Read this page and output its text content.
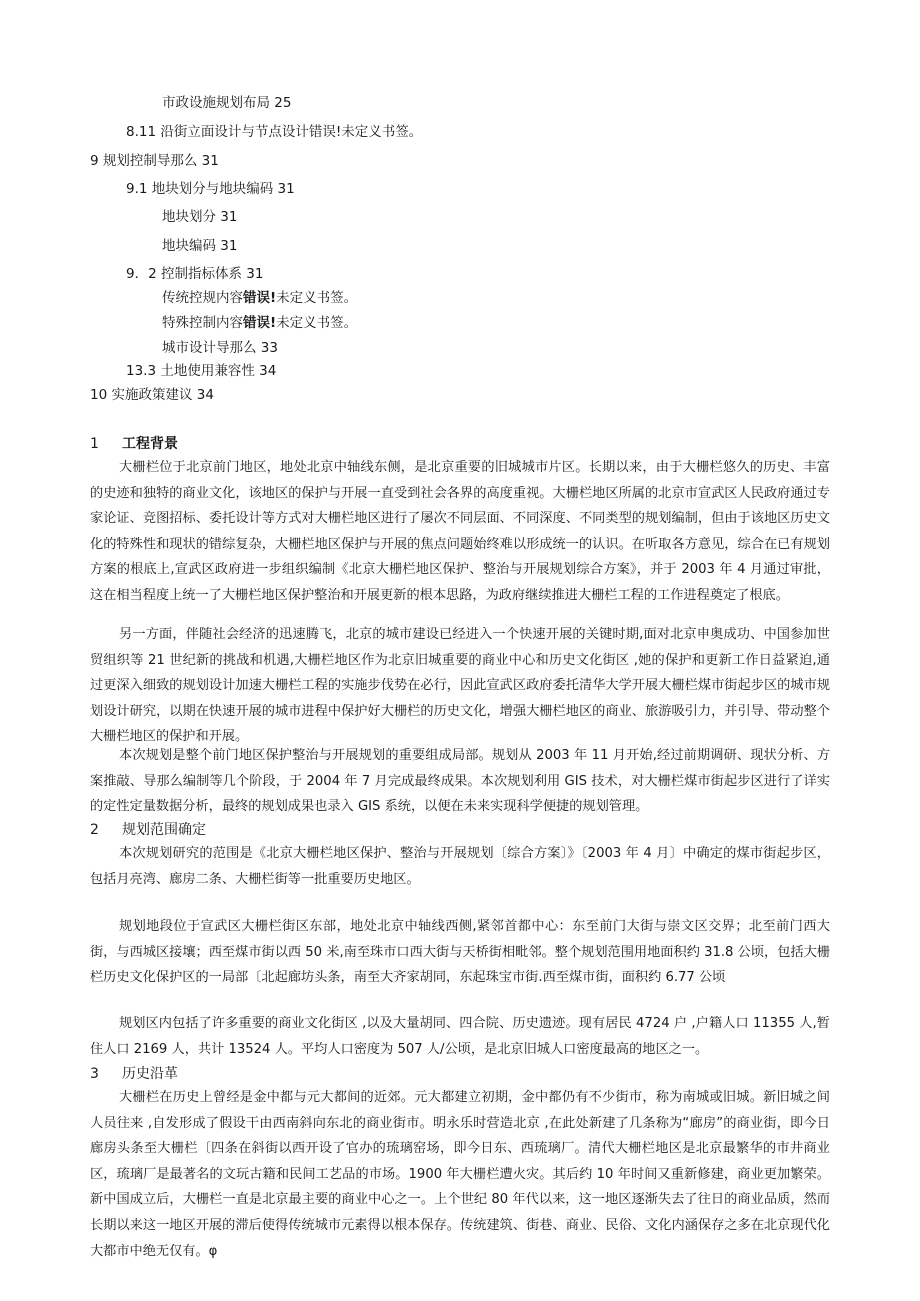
市政设施规划布局 25
8.11 沿街立面设计与节点设计错误!未定义书签。
9 规划控制导那么 31
9.1 地块划分与地块编码 31
地块划分 31
地块编码 31
9．2 控制指标体系 31
传统控规内容错误!未定义书签。
特殊控制内容错误!未定义书签。
城市设计导那么 33
13.3 土地使用兼容性 34
10 实施政策建议 34
1 工程背景
大栅栏位于北京前门地区，地处北京中轴线东侧，是北京重要的旧城城市片区。长期以来，由于大栅栏悠久的历史、丰富的史迹和独特的商业文化，该地区的保护与开展一直受到社会各界的高度重视。大栅栏地区所属的北京市宣武区人民政府通过专家论证、竞图招标、委托设计等方式对大栅栏地区进行了屡次不同层面、不同深度、不同类型的规划编制，但由于该地区历史文化的特殊性和现状的错综复杂，大栅栏地区保护与开展的焦点问题始终难以形成统一的认识。在听取各方意见，综合在已有规划方案的根底上,宣武区政府进一步组织编制《北京大栅栏地区保护、整治与开展规划综合方案》，并于 2003 年 4 月通过审批，这在相当程度上统一了大栅栏地区保护整治和开展更新的根本思路，为政府继续推进大栅栏工程的工作进程奠定了根底。
另一方面，伴随社会经济的迅速腾飞，北京的城市建设已经进入一个快速开展的关键时期,面对北京申奥成功、中国参加世贸组织等 21 世纪新的挑战和机遇,大栅栏地区作为北京旧城重要的商业中心和历史文化街区 ,她的保护和更新工作日益紧迫,通过更深入细致的规划设计加速大栅栏工程的实施步伐势在必行，因此宣武区政府委托清华大学开展大栅栏煤市街起步区的城市规划设计研究，以期在快速开展的城市进程中保护好大栅栏的历史文化，增强大栅栏地区的商业、旅游吸引力，并引导、带动整个大栅栏地区的保护和开展。
本次规划是整个前门地区保护整治与开展规划的重要组成局部。规划从 2003 年 11 月开始,经过前期调研、现状分析、方案推敲、导那么编制等几个阶段，于 2004 年 7 月完成最终成果。本次规划利用 GIS 技术，对大栅栏煤市街起步区进行了详实的定性定量数据分析，最终的规划成果也录入 GIS 系统，以便在未来实现科学便捷的规划管理。
2 规划范围确定
本次规划研究的范围是《北京大栅栏地区保护、整治与开展规划〔综合方案〕》〔2003 年 4 月〕中确定的煤市街起步区，包括月亮湾、廊房二条、大栅栏街等一批重要历史地区。
规划地段位于宣武区大栅栏街区东部，地处北京中轴线西侧,紧邻首都中心：东至前门大街与崇文区交界；北至前门西大街，与西城区接壤；西至煤市街以西 50 米,南至珠市口西大街与天桥街相毗邻。整个规划范围用地面积约 31.8 公顷，包括大栅栏历史文化保护区的一局部〔北起廊坊头条，南至大齐家胡同，东起珠宝市街.西至煤市街，面积约 6.77 公顷
规划区内包括了许多重要的商业文化街区 ,以及大量胡同、四合院、历史遗迹。现有居民 4724 户 ,户籍人口 11355 人,暂住人口 2169 人，共计 13524 人。平均人口密度为 507 人/公顷，是北京旧城人口密度最高的地区之一。
3 历史沿革
大栅栏在历史上曾经是金中都与元大都间的近郊。元大都建立初期，金中都仍有不少街市，称为南城或旧城。新旧城之间人员往来 ,自发形成了假设干由西南斜向东北的商业街市。明永乐时营造北京 ,在此处新建了几条称为“廊房”的商业街，即今日廊房头条至大栅栏〔四条在斜街以西开设了官办的琉璃窑场，即今日东、西琉璃厂。清代大栅栏地区是北京最繁华的市井商业区，琉璃厂是最著名的文玩古籍和民间工艺品的市场。1900 年大栅栏遭火灾。其后约 10 年时间又重新修建，商业更加繁荣。新中国成立后，大栅栏一直是北京最主要的商业中心之一。上个世纪 80 年代以来，这一地区逐渐失去了往日的商业品质，然而长期以来这一地区开展的滞后使得传统城市元素得以根本保存。传统建筑、街巷、商业、民俗、文化内涵保存之多在北京现代化大都市中绝无仅有。φ
